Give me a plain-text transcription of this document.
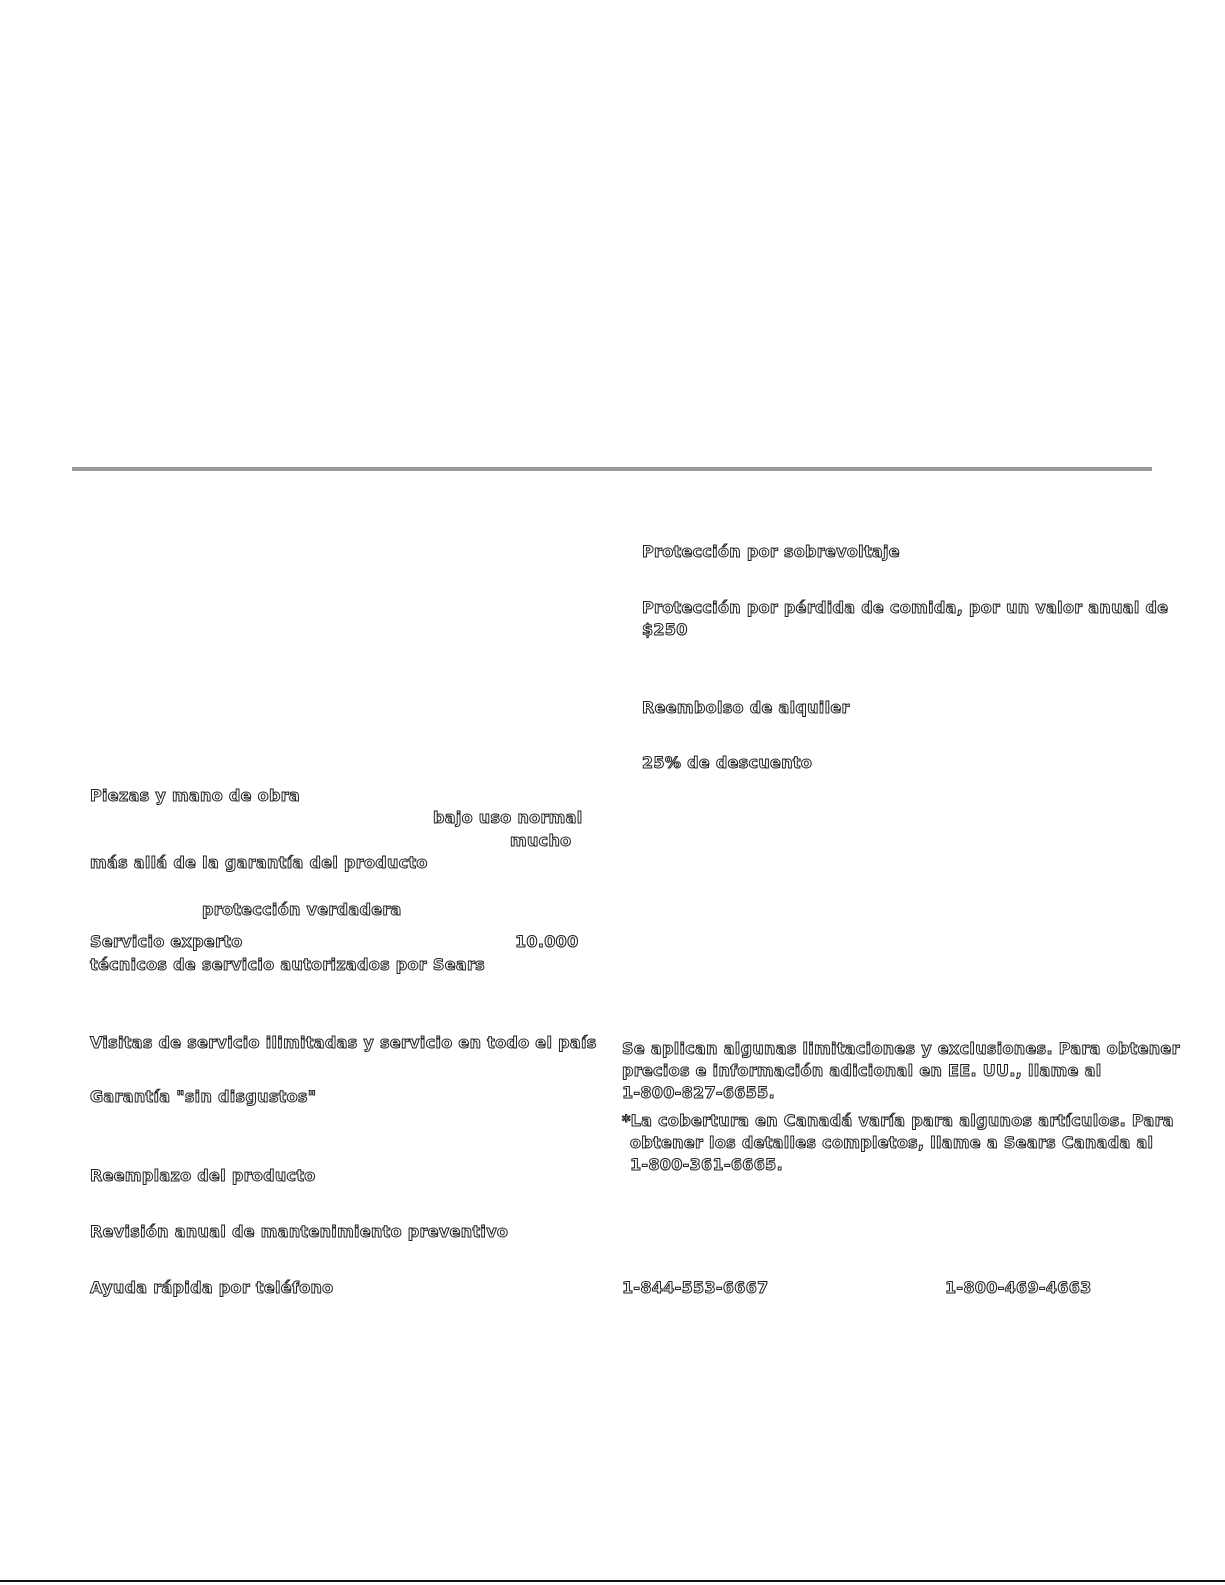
Protección por sobrevoltaje

Protección por pérdida de comida, por un valor anual de

$250

Reembolso de alquiler

25% de descuento

Se aplican algunas limitaciones y exclusiones. Para obtener

precios e información adicional en EE. UU., llame al

1-800-827-6655.

*La cobertura en Canadá varía para algunos artículos. Para

obtener los detalles completos, llame a Sears Canada al

1-800-361-6665.

1-844-553-6667	1-800-469-4663

Piezas y mano de obra

bajo uso normal

mucho

más allá de la garantía del producto

protección verdadera

Servicio experto	10.000

técnicos de servicio autorizados por Sears

Visitas de servicio ilimitadas y servicio en todo el país

Garantía "sin disgustos"

Reemplazo del producto

Revisión anual de mantenimiento preventivo

Ayuda rápida por teléfono
